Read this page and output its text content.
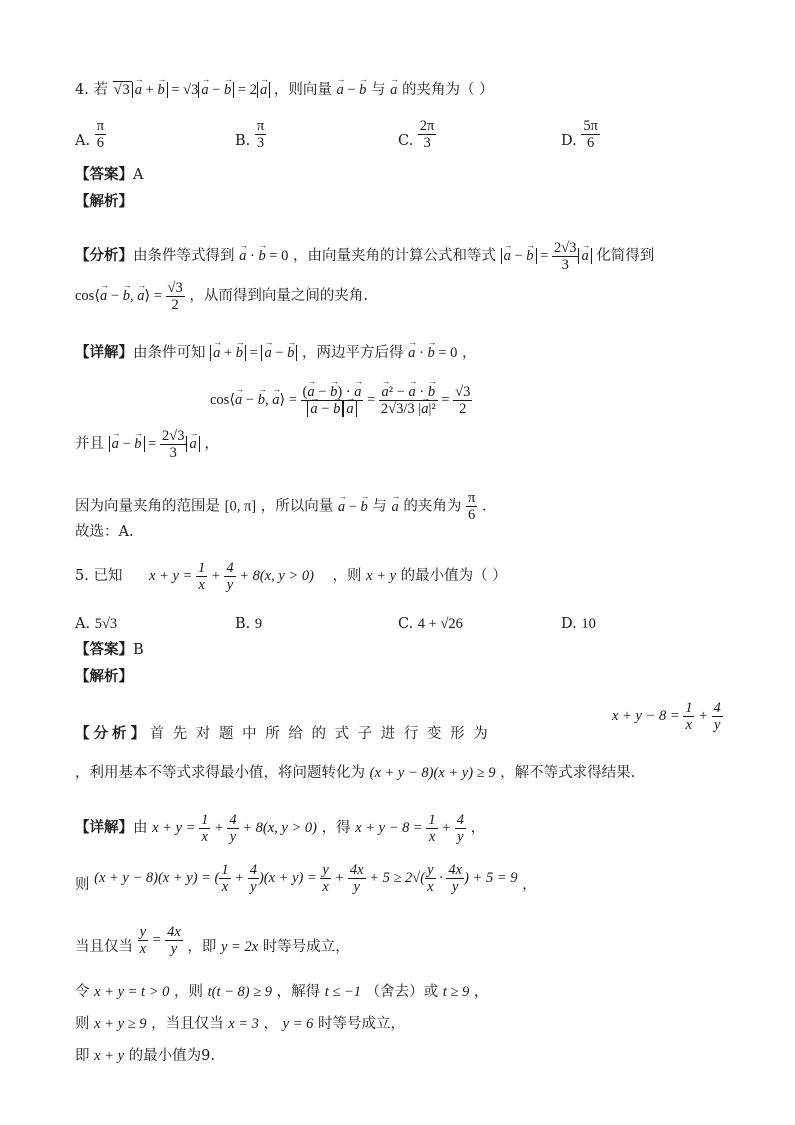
4. 若 √3 a → + b → = √3 a → − b → = 2 a → ，则向量 a → − b → 与 a → 的夹角为（ ）
A. $\frac{\pi}{6}$	B. $\frac{\pi}{3}$	C. $\frac{2\pi}{3}$	D. $\frac{5\pi}{6}$
【答案】A
【解析】
【分析】由条件等式得到 a → · b → = 0 ，由向量夹角的计算公式和等式 a → − b → = $\frac{2√3}{3}$ a → 化简得到
cos⟨a → − b →, a →⟩ = $\frac{√3}{2}$ ，从而得到向量之间的夹角.
【详解】由条件可知 a → + b → = a → − b → ，两边平方后得 a → · b → = 0 ，
cos⟨a → − b →, a →⟩ = $\frac{(a \to - b \to) \cdot a \to}{a \to - b \to a}$ → = $\frac{\text{a →² − a → · b →}}{\text{2√3/3 |a →|²}} = \frac{√3}{2}$
并且 a → − b → = $\frac{2√3}{3}$ a → ，
因为向量夹角的范围是 [0, π] ，所以向量 a → − b → 与 a → 的夹角为 $\frac{\pi}{6}$ .
故选：A.
5. 已知 $x + y = \frac{1}{x} + \frac{4}{y} + 8(x$, y > 0) ，则 x + y 的最小值为（ ）
A. 5√3	B. 9	C. 4 + √26	D. 10
【答案】B
【解析】
【 分 析 】 首 先 对 题 中 所 给 的 式 子 进 行 变 形 为
$x + y - 8 = \frac{1}{x} + \frac{4}{y}$
，利用基本不等式求得最小值，将问题转化为 (x + y − 8)(x + y) ≥ 9 ，解不等式求得结果.
【详解】由 $x + y = \frac{1}{x} + \frac{4}{y} + 8(x$, y > 0) ，得 $x + y - 8 = \frac{1}{x} + \frac{4}{y}$ ，
则 (x + y − 8)(x + y) = ( $\frac{1}{x} + \frac{4}{y} )(x + y) = \frac{y}{x} + \frac{4x}{y} + 5 \ge 2√( \frac{y}{x} \cdot \frac{4x}{y}$ ) + 5 = 9 ，
当且仅当 $\frac{y}{x} = \frac{4x}{y}$ ，即 y = 2x 时等号成立，
令 x + y = t > 0 ，则 t(t − 8) ≥ 9 ，解得 t ≤ −1 （舍去）或 t ≥ 9 ，
则 x + y ≥ 9 ，当且仅当 x = 3 ， y = 6 时等号成立，
即 x + y 的最小值为9.
